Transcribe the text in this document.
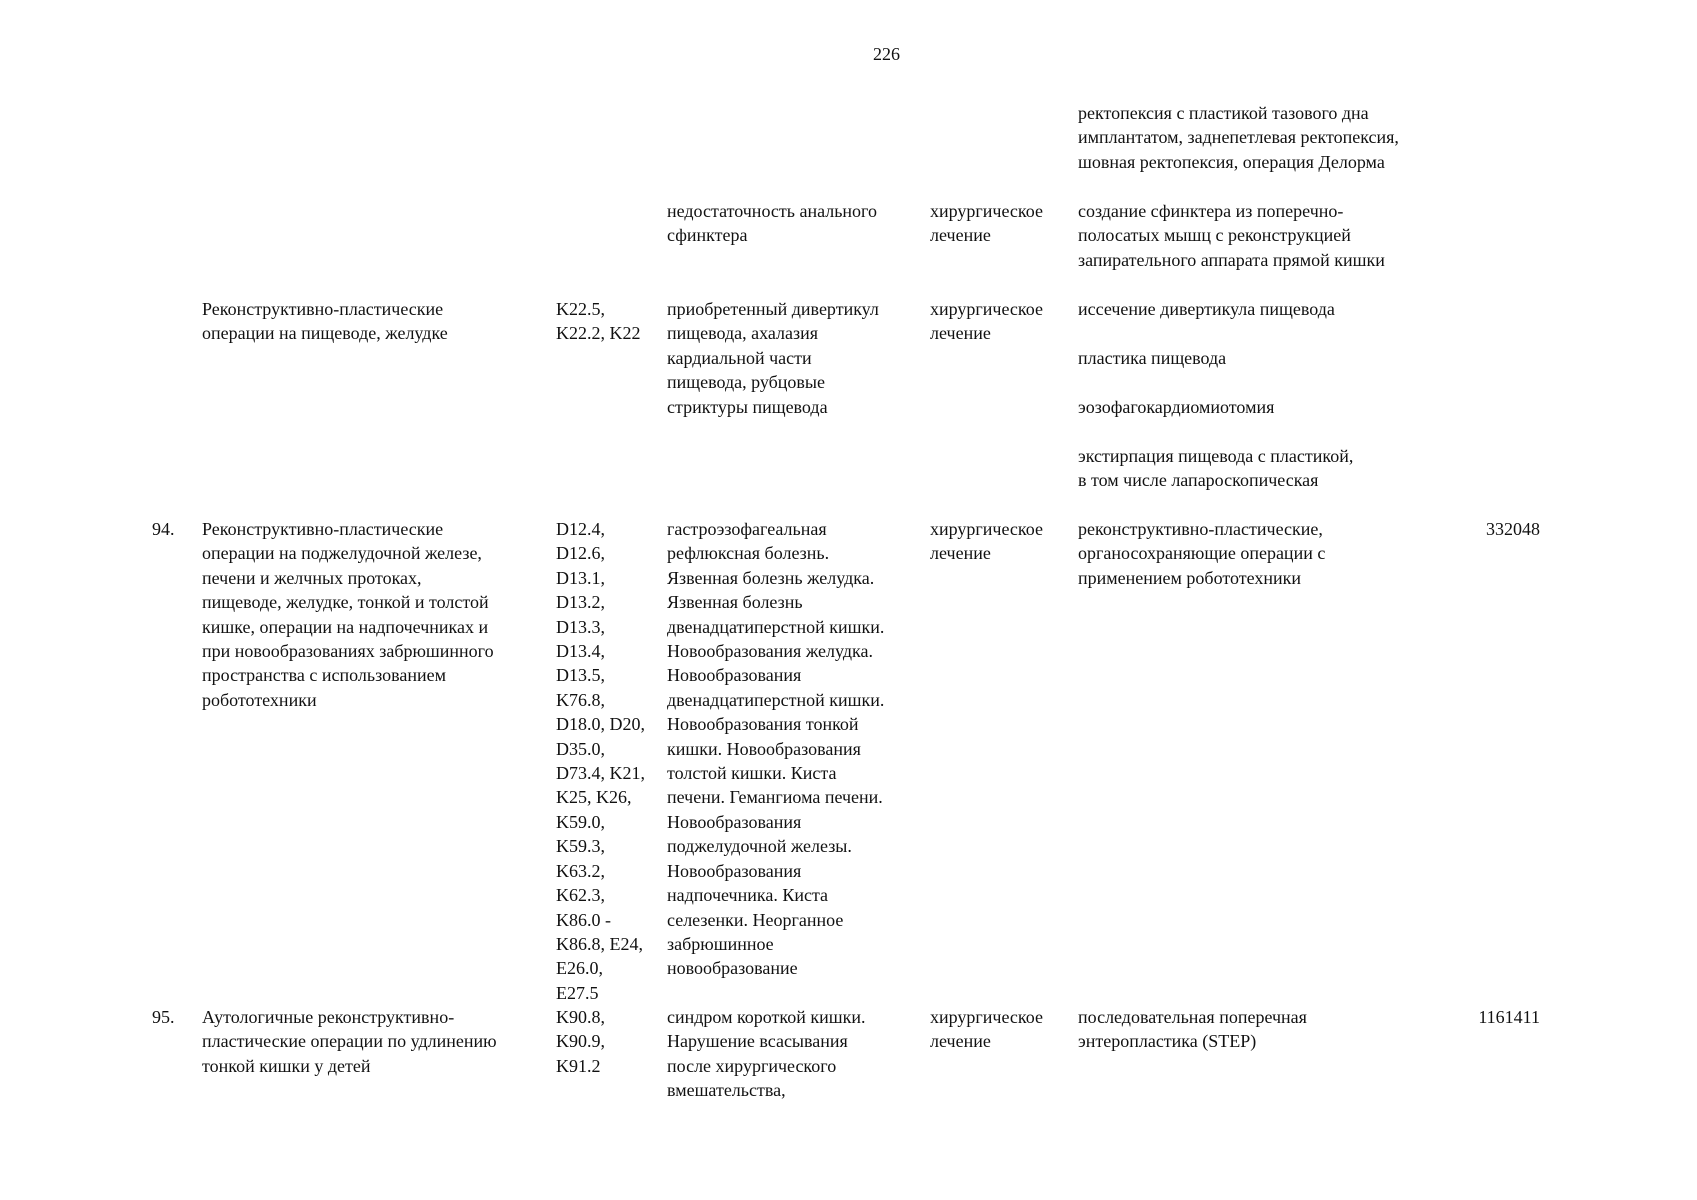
226
ректопексия с пластикой тазового дна
имплантатом, заднепетлевая ректопексия,
шовная ректопексия, операция Делорма
недостаточность анального
сфинктера
хирургическое
лечение
создание сфинктера из поперечно-
полосатых мышц с реконструкцией
запирательного аппарата прямой кишки
Реконструктивно-пластические
операции на пищеводе, желудке
K22.5,
K22.2, K22
приобретенный дивертикул
пищевода, ахалазия
кардиальной части
пищевода, рубцовые
стриктуры пищевода
хирургическое
лечение
иссечение дивертикула пищевода
пластика пищевода
эозофагокардиомиотомия
экстирпация пищевода с пластикой,
в том числе лапароскопическая
94.	Реконструктивно-пластические
операции на поджелудочной железе,
печени и желчных протоках,
пищеводе, желудке, тонкой и толстой
кишке, операции на надпочечниках и
при новообразованиях забрюшинного
пространства с использованием
робототехники
D12.4,
D12.6,
D13.1,
D13.2,
D13.3,
D13.4,
D13.5,
K76.8,
D18.0, D20,
D35.0,
D73.4, K21,
K25, K26,
K59.0,
K59.3,
K63.2,
K62.3,
K86.0 -
K86.8, E24,
E26.0,
E27.5
гастроэзофагеальная
рефлюксная болезнь.
Язвенная болезнь желудка.
Язвенная болезнь
двенадцатиперстной кишки.
Новообразования желудка.
Новообразования
двенадцатиперстной кишки.
Новообразования тонкой
кишки. Новообразования
толстой кишки. Киста
печени. Гемангиома печени.
Новообразования
поджелудочной железы.
Новообразования
надпочечника. Киста
селезенки. Неорганное
забрюшинное
новообразование
хирургическое
лечение
реконструктивно-пластические,
органосохраняющие операции с
применением робототехники
332048
95.	Аутологичные реконструктивно-
пластические операции по удлинению
тонкой кишки у детей
K90.8,
K90.9,
K91.2
синдром короткой кишки.
Нарушение всасывания
после хирургического
вмешательства,
хирургическое
лечение
последовательная поперечная
энтеропластика (STEP)
1161411
